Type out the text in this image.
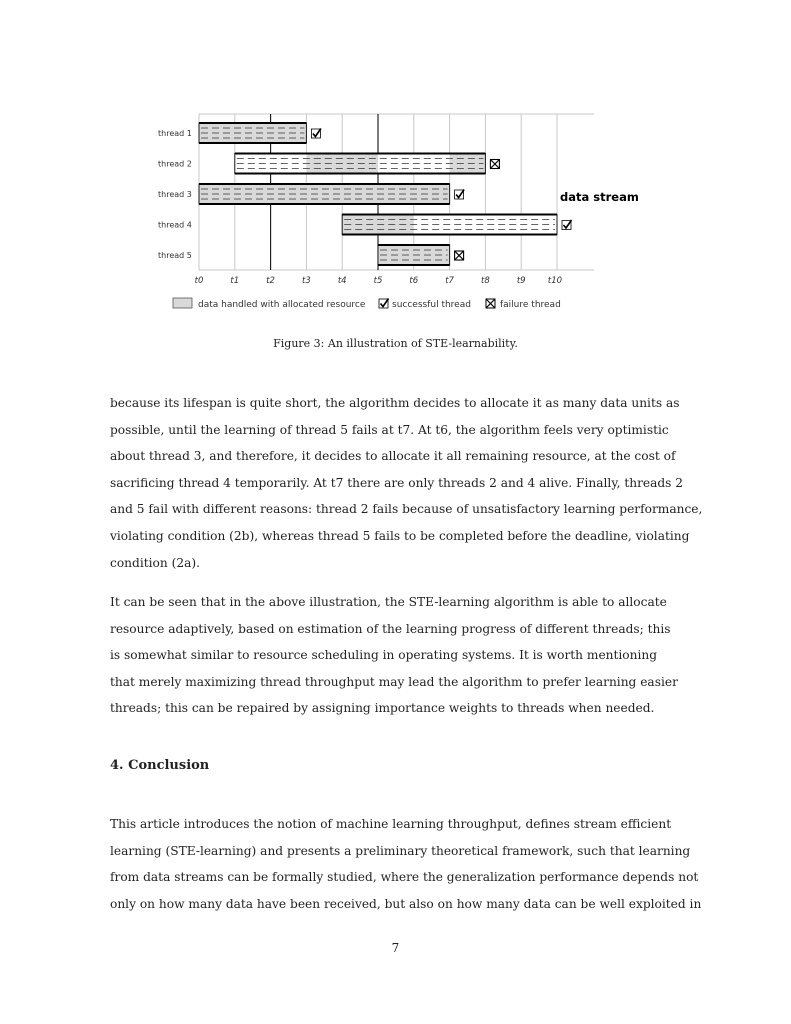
thread 1
thread 2
thread 3
thread 4
thread 5
t0	t1	t2	t3	t4	t5	t6	t7	t8	t9	t10
data stream
data handled with allocated resource	successful thread	failure thread

Figure 3: An illustration of STE-learnability.

because its lifespan is quite short, the algorithm decides to allocate it as many data units as
possible, until the learning of thread 5 fails at t7. At t6, the algorithm feels very optimistic
about thread 3, and therefore, it decides to allocate it all remaining resource, at the cost of
sacrificing thread 4 temporarily. At t7 there are only threads 2 and 4 alive. Finally, threads 2
and 5 fail with different reasons: thread 2 fails because of unsatisfactory learning performance,
violating condition (2b), whereas thread 5 fails to be completed before the deadline, violating
condition (2a).
It can be seen that in the above illustration, the STE-learning algorithm is able to allocate
resource adaptively, based on estimation of the learning progress of different threads; this
is somewhat similar to resource scheduling in operating systems. It is worth mentioning
that merely maximizing thread throughput may lead the algorithm to prefer learning easier
threads; this can be repaired by assigning importance weights to threads when needed.
4. Conclusion
This article introduces the notion of machine learning throughput, defines stream efficient
learning (STE-learning) and presents a preliminary theoretical framework, such that learning
from data streams can be formally studied, where the generalization performance depends not
only on how many data have been received, but also on how many data can be well exploited in
7
